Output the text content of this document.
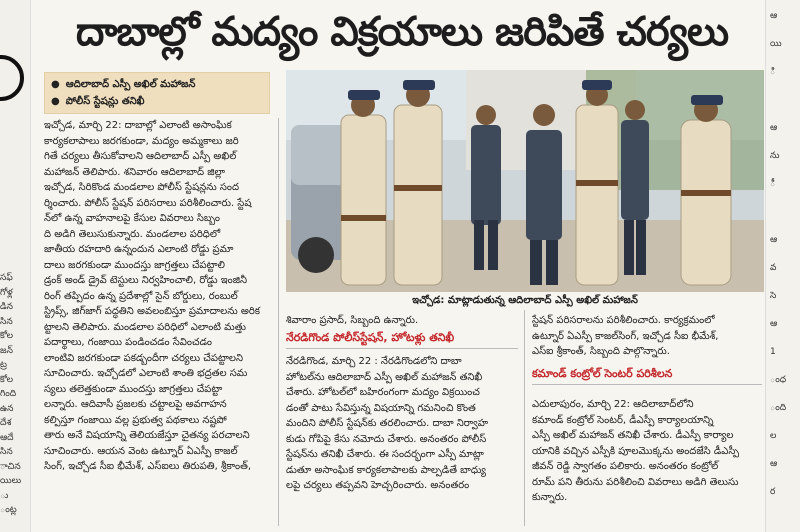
సఫ్
గోళ్ల
డిన
సిన
కోల
జన్
ట్ర
కోల
గింది
ఉన
దేశ
ఆదే
సిన
ాచిన
యిలు
ు
ంట్ల
ఆ
యి
ి
ఆ
ను
ీ
ఆ
వ
సె
ఆ
1
ంధ
ంది
ల
ఆ
ర
దాబాల్లో మద్యం విక్రయాలు జరిపితే చర్యలు
● ఆదిలాబాద్ ఎస్పీ అఖిల్ మహాజన్
● పోలీస్ స్టేషన్లు తనిఖీ
ఇచ్చోడ: మాట్లాడుతున్న ఆదిలాబాద్ ఎస్పీ అఖిల్ మహాజన్
ఇచ్చోడ, మార్చి 22: దాబాల్లో ఎలాంటి అసాంఘిక
కార్యకలాపాలు జరగకుండా, మద్యం అమ్మకాలు జరి
గితే చర్యలు తీసుకోవాలని ఆదిలాబాద్ ఎస్పీ అఖిల్
మహాజన్ తెలిపారు. శనివారం ఆదిలాబాద్ జిల్లా
ఇచ్చోడ, సిరికొండ మండలాల పోలీస్ స్టేషన్లను సంద
ర్శించారు. పోలీస్ స్టేషన్ పరిసరాలు పరిశీలించారు. స్టేష
న్‌లో ఉన్న వాహనాలపై కేసుల వివరాలు సిబ్బం
ది అడిగి తెలుసుకున్నారు. మండలాల పరిధిలో
జాతీయ రహదారి ఉన్నందున ఎలాంటి రోడ్డు ప్రమా
దాలు జరగకుండా ముందస్తు జాగ్రత్తలు చేపట్టాలి
డ్రంక్ అండ్ డ్రైవ్ టెస్టులు నిర్వహించాలి, రోడ్డు ఇంజినీ
రింగ్ తప్పిదం ఉన్న ప్రదేశాల్లో సైన్ బోర్డులు, రంబుల్
స్ట్రిప్స్, జిగ్‌జాగ్ పద్ధతిని అవలంబిస్తూ ప్రమాదాలను అరిక
ట్టాలని తెలిపారు. మండలాల పరిధిలో ఎలాంటి మత్తు
పదార్థాలు, గంజాయి పండించడం సేవించడం
లాంటివి జరగకుండా పకడ్బందీగా చర్యలు చేపట్టాలని
సూచించారు. ఇచ్చోడలో ఎలాంటి శాంతి భద్రతల సమ
స్యలు తలెత్తకుండా ముందస్తు జాగ్రత్తలు చేపట్టా
లన్నారు. ఆదివాసీ ప్రజలకు చట్టాలపై అవగాహన
కల్పిస్తూ గంజాయి వల్ల ప్రభుత్వ పథకాలు నష్టపో
తారు అనే విషయాన్ని తెలియజేస్తూ చైతన్య పరచాలని
సూచించారు. ఆయన వెంట ఉట్నూర్ ఏఎస్పీ కాజల్
సింగ్, ఇచ్చోడ సీఐ భీమేశ్, ఎస్‌ఐలు తిరుపతి, శ్రీకాంత్,
శివారాం ప్రసాద్, సిబ్బంది ఉన్నారు.
నేరడిగొండ పోలీస్‌స్టేషన్, హోటళ్లు తనిఖీ
నేరడిగొండ, మార్చి 22 : నేరడిగొండలోని దాబా
హోటల్‌ను ఆదిలాబాద్ ఎస్పీ అఖిల్ మహాజన్ తనిఖీ
చేశారు. హోటల్‌లో బహిరంగంగా మద్యం విక్రయించ
డంతో పాటు సేవిస్తున్న విషయాన్ని గమనించి కొంత
మందిని పోలీస్ స్టేషన్‌కు తరలించారు. దాబా నిర్వాహ
కుడు గోపిపై కేసు నమోదు చేశారు. అనంతరం పోలీస్
స్టేషన్‌ను తనిఖీ చేశారు. ఈ సందర్భంగా ఎస్పీ మాట్లా
డుతూ అసాంఘిక కార్యకలాపాలకు పాల్పడితే బాధ్యు
లపై చర్యలు తప్పవని హెచ్చరించారు. అనంతరం
స్టేషన్ పరిసరాలను పరిశీలించారు. కార్యక్రమంలో
ఉట్నూర్ ఏఎస్పీ కాజల్‌సింగ్, ఇచ్చోడ సీఐ భీమేశ్,
ఎస్‌ఐ శ్రీకాంత్, సిబ్బంది పాల్గొన్నారు.
కమాండ్ కంట్రోల్ సెంటర్ పరిశీలన
ఎదులాపురం, మార్చి 22: ఆదిలాబాద్‌లోని
కమాండ్ కంట్రోల్ సెంటర్, డీఎస్పీ కార్యాలయాన్ని
ఎస్పీ అఖిల్ మహాజన్ తనిఖీ చేశారు. డీఎస్పీ కార్యాల
యానికి వచ్చిన ఎస్పీకి పూలమొక్కను అందజేసి డీఎస్పీ
జీవన్ రెడ్డి స్వాగతం పలికారు. అనంతరం కంట్రోల్
రూమ్ పని తీరును పరిశీలించి వివరాలు అడిగి తెలుసు
కున్నారు.
